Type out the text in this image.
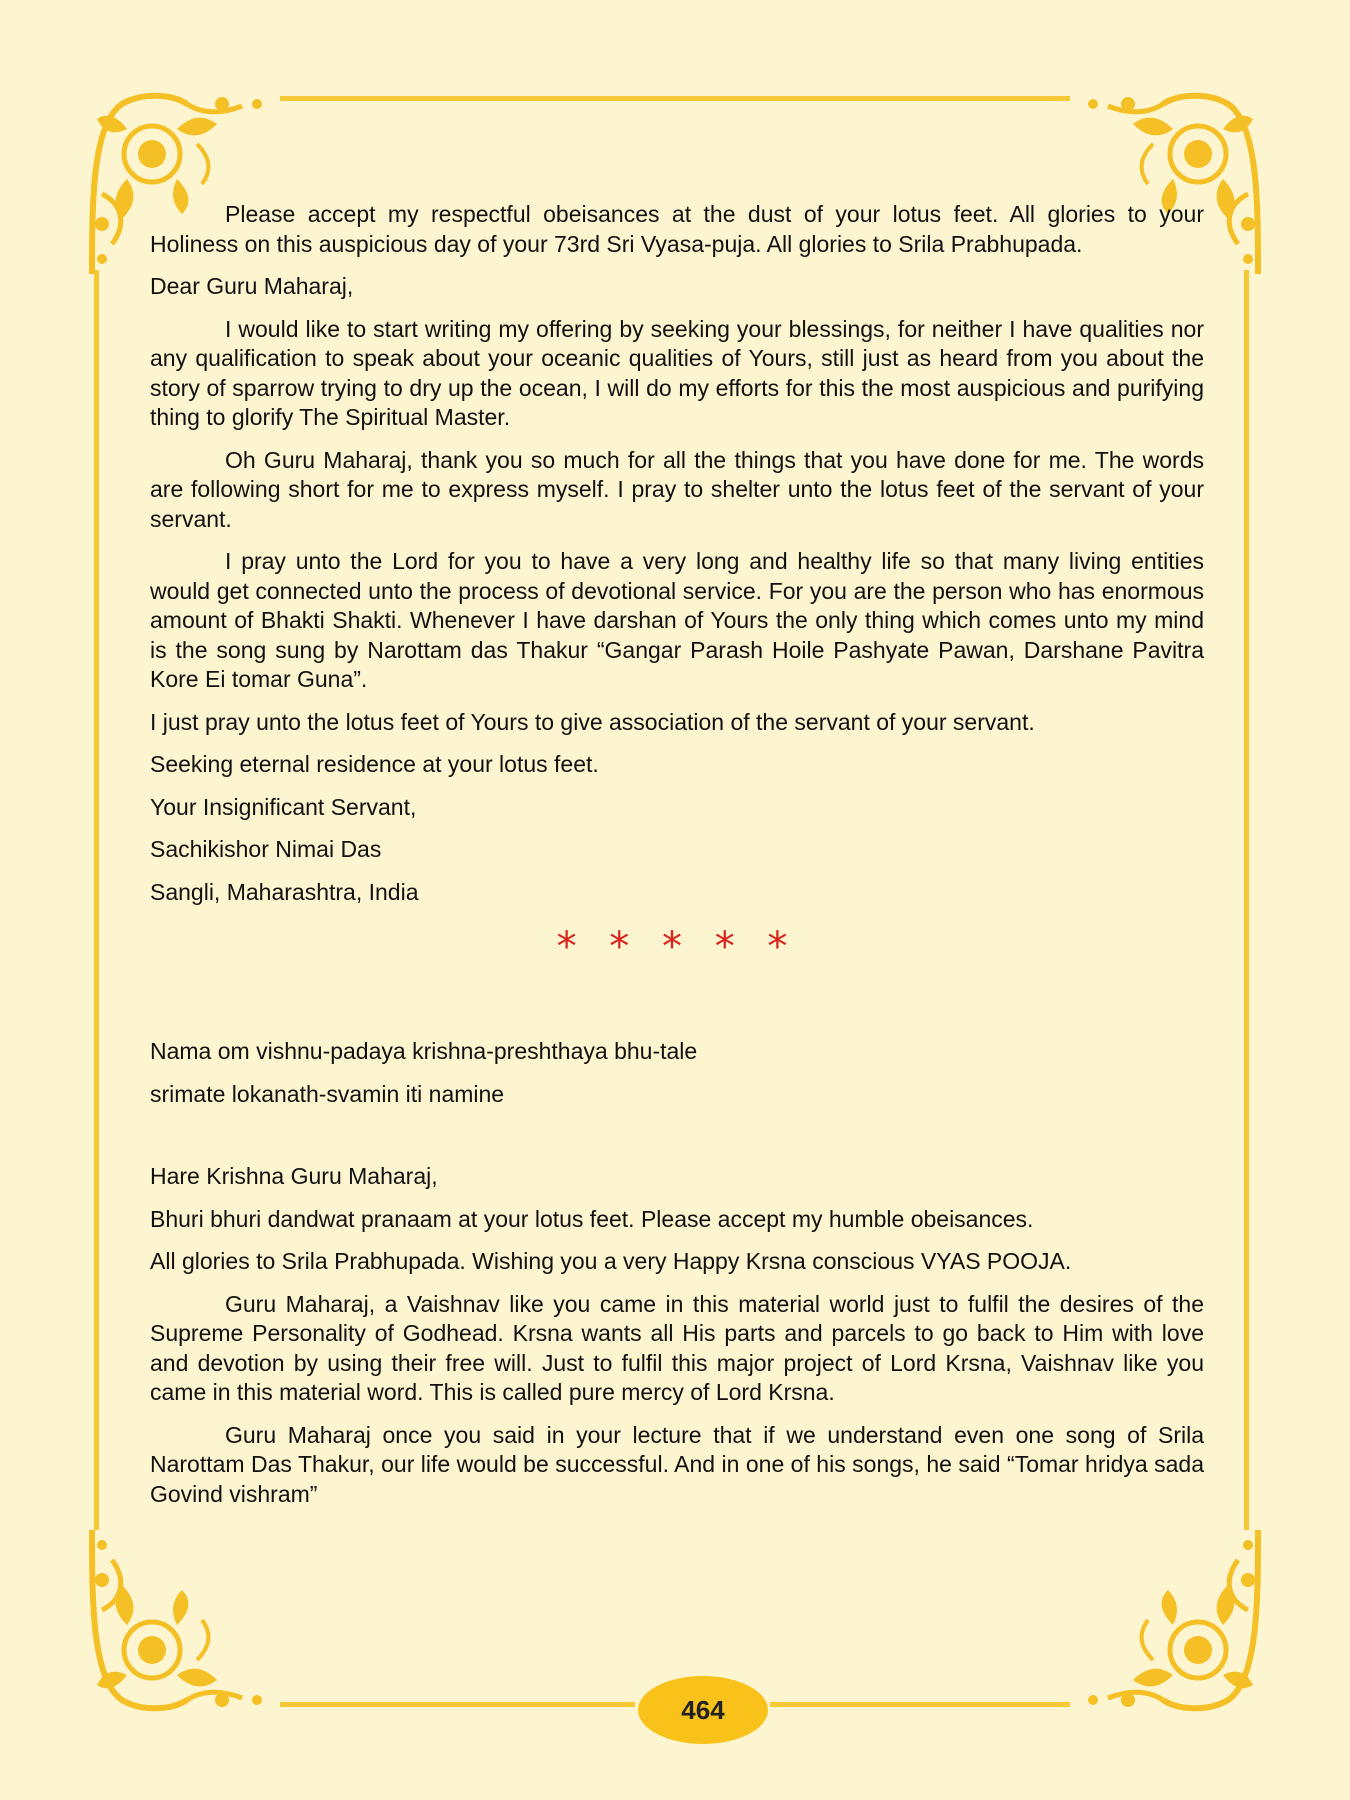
Please accept my respectful obeisances at the dust of your lotus feet. All glories to your Holiness on this auspicious day of your 73rd Sri Vyasa-puja. All glories to Srila Prabhupada.

Dear Guru Maharaj,

I would like to start writing my offering by seeking your blessings, for neither I have qualities nor any qualification to speak about your oceanic qualities of Yours, still just as heard from you about the story of sparrow trying to dry up the ocean, I will do my efforts for this the most auspicious and purifying thing to glorify The Spiritual Master.

Oh Guru Maharaj, thank you so much for all the things that you have done for me. The words are following short for me to express myself. I pray to shelter unto the lotus feet of the servant of your servant.

I pray unto the Lord for you to have a very long and healthy life so that many living entities would get connected unto the process of devotional service. For you are the person who has enormous amount of Bhakti Shakti. Whenever I have darshan of Yours the only thing which comes unto my mind is the song sung by Narottam das Thakur “Gangar Parash Hoile Pashyate Pawan, Darshane Pavitra Kore Ei tomar Guna”.

I just pray unto the lotus feet of Yours to give association of the servant of your servant.

Seeking eternal residence at your lotus feet.

Your Insignificant Servant,

Sachikishor Nimai Das

Sangli, Maharashtra, India

* * * * *

Nama om vishnu-padaya krishna-preshthaya bhu-tale

srimate lokanath-svamin iti namine

Hare Krishna Guru Maharaj,

Bhuri bhuri dandwat pranaam at your lotus feet. Please accept my humble obeisances.

All glories to Srila Prabhupada. Wishing you a very Happy Krsna conscious VYAS POOJA.

Guru Maharaj, a Vaishnav like you came in this material world just to fulfil the desires of the Supreme Personality of Godhead. Krsna wants all His parts and parcels to go back to Him with love and devotion by using their free will. Just to fulfil this major project of Lord Krsna, Vaishnav like you came in this material word. This is called pure mercy of Lord Krsna.

Guru Maharaj once you said in your lecture that if we understand even one song of Srila Narottam Das Thakur, our life would be successful. And in one of his songs, he said “Tomar hridya sada Govind vishram”

464
